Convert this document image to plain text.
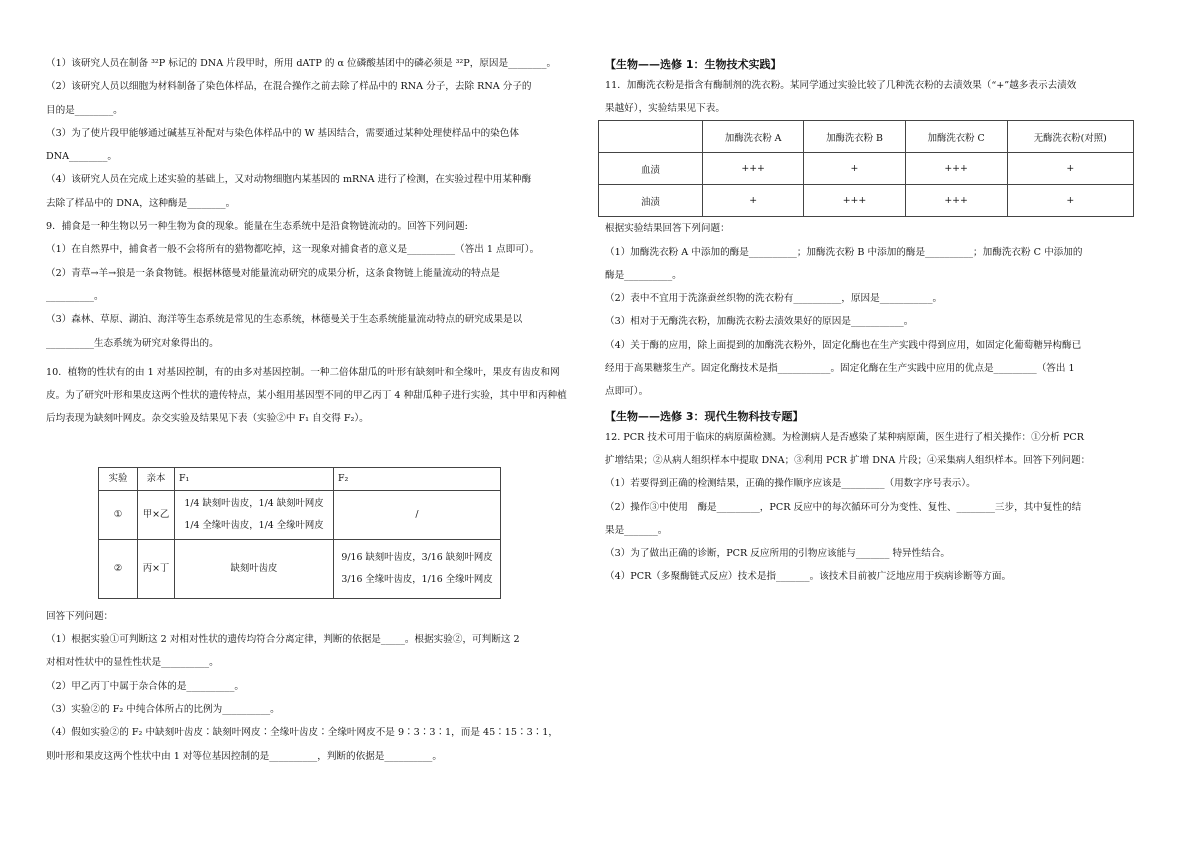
（1）该研究人员在制备 ³²P 标记的 DNA 片段甲时，所用 dATP 的 α 位磷酸基团中的磷必须是 ³²P，原因是________。
（2）该研究人员以细胞为材料制备了染色体样品，在混合操作之前去除了样品中的 RNA 分子，去除 RNA 分子的
目的是________。
（3）为了使片段甲能够通过碱基互补配对与染色体样品中的 W 基因结合，需要通过某种处理使样品中的染色体
DNA________。
（4）该研究人员在完成上述实验的基础上，又对动物细胞内某基因的 mRNA 进行了检测，在实验过程中用某种酶
去除了样品中的 DNA，这种酶是________。
9．捕食是一种生物以另一种生物为食的现象。能量在生态系统中是沿食物链流动的。回答下列问题:
（1）在自然界中，捕食者一般不会将所有的猎物都吃掉，这一现象对捕食者的意义是__________（答出 1 点即可）。
（2）青草→羊→狼是一条食物链。根据林德曼对能量流动研究的成果分析，这条食物链上能量流动的特点是
__________。
（3）森林、草原、湖泊、海洋等生态系统是常见的生态系统，林德曼关于生态系统能量流动特点的研究成果是以
__________生态系统为研究对象得出的。
10．植物的性状有的由 1 对基因控制，有的由多对基因控制。一种二倍体甜瓜的叶形有缺刻叶和全缘叶，果皮有齿皮和网皮。为了研究叶形和果皮这两个性状的遗传特点，某小组用基因型不同的甲乙丙丁 4 种甜瓜种子进行实验，其中甲和丙种植后均表现为缺刻叶网皮。杂交实验及结果见下表（实验②中 F₁ 自交得 F₂）。
实验	亲本	F₁	F₂
①	甲×乙	1/4 缺刻叶齿皮，1/4 缺刻叶网皮
1/4 全缘叶齿皮，1/4 全缘叶网皮	/
②	丙×丁	缺刻叶齿皮	9/16 缺刻叶齿皮，3/16 缺刻叶网皮
3/16 全缘叶齿皮，1/16 全缘叶网皮
回答下列问题：
（1）根据实验①可判断这 2 对相对性状的遗传均符合分离定律，判断的依据是_____。根据实验②，可判断这 2
对相对性状中的显性性状是__________。
（2）甲乙丙丁中属于杂合体的是__________。
（3）实验②的 F₂ 中纯合体所占的比例为__________。
（4）假如实验②的 F₂ 中缺刻叶齿皮∶缺刻叶网皮∶全缘叶齿皮∶全缘叶网皮不是 9∶3∶3∶1，而是 45∶15∶3∶1，
则叶形和果皮这两个性状中由 1 对等位基因控制的是__________，判断的依据是__________。
【生物——选修 1：生物技术实践】
11．加酶洗衣粉是指含有酶制剂的洗衣粉。某同学通过实验比较了几种洗衣粉的去渍效果（“+”越多表示去渍效
果越好），实验结果见下表。
	加酶洗衣粉 A	加酶洗衣粉 B	加酶洗衣粉 C	无酶洗衣粉(对照)
血渍	+++	+	+++	+
油渍	+	+++	+++	+
根据实验结果回答下列问题：
（1）加酶洗衣粉 A 中添加的酶是__________；加酶洗衣粉 B 中添加的酶是__________；加酶洗衣粉 C 中添加的
酶是__________。
（2）表中不宜用于洗涤蚕丝织物的洗衣粉有__________，原因是___________。
（3）相对于无酶洗衣粉，加酶洗衣粉去渍效果好的原因是___________。
（4）关于酶的应用，除上面提到的加酶洗衣粉外，固定化酶也在生产实践中得到应用，如固定化葡萄糖异构酶已
经用于高果糖浆生产。固定化酶技术是指___________。固定化酶在生产实践中应用的优点是_________（答出 1
点即可）。
【生物——选修 3：现代生物科技专题】
12. PCR 技术可用于临床的病原菌检测。为检测病人是否感染了某种病原菌，医生进行了相关操作：①分析 PCR
扩增结果；②从病人组织样本中提取 DNA；③利用 PCR 扩增 DNA 片段；④采集病人组织样本。回答下列问题：
（1）若要得到正确的检测结果，正确的操作顺序应该是_________（用数字序号表示）。
（2）操作③中使用　酶是_________，PCR 反应中的每次循环可分为变性、复性、________三步，其中复性的结
果是_______。
（3）为了做出正确的诊断，PCR 反应所用的引物应该能与_______ 特异性结合。
（4）PCR（多聚酶链式反应）技术是指_______。该技术目前被广泛地应用于疾病诊断等方面。
